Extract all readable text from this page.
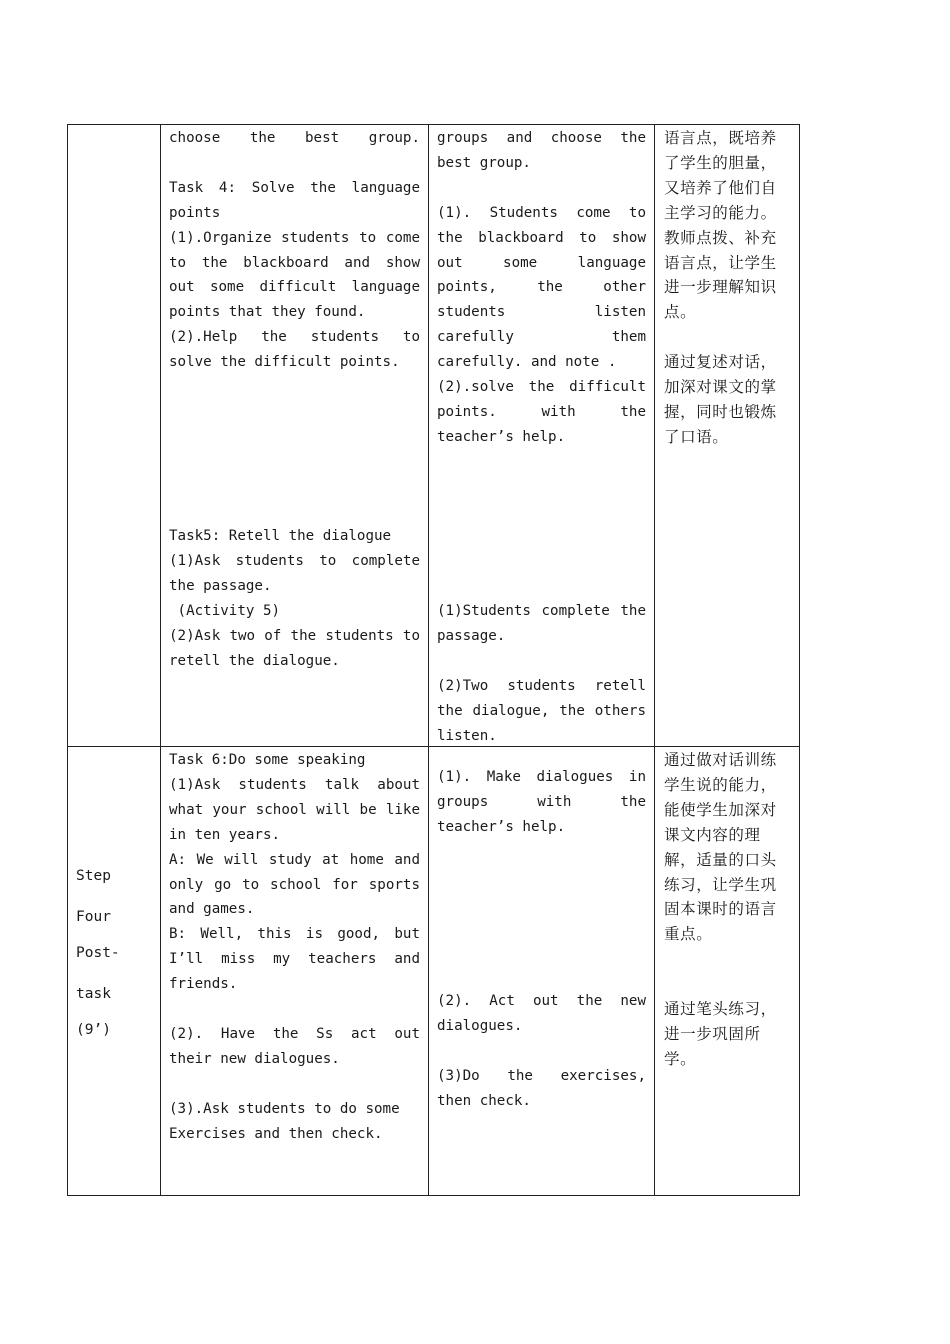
choose the best group.

Task 4: Solve the language

points

(1).Organize students to come

to the blackboard and show

out some difficult language

points that they found.

(2).Help the students to

solve the difficult points.

Task5: Retell the dialogue

(1)Ask students to complete

the passage.

(Activity 5)

(2)Ask two of the students to

retell the dialogue.

groups and choose the

best group.

(1). Students come to

the blackboard to show

out some language

points, the other

students listen

carefully them

carefully. and note .

(2).solve the difficult

points. with the

teacher’s help.

(1)Students complete the

passage.

(2)Two students retell

the dialogue, the others

listen.

语言点，既培养

了学生的胆量，

又培养了他们自

主学习的能力。

教师点拨、补充

语言点，让学生

进一步理解知识

点。

通过复述对话，

加深对课文的掌

握，同时也锻炼

了口语。

Step

Four

Post-

task

(9’)

Task 6:Do some speaking

(1)Ask students talk about

what your school will be like

in ten years.

A: We will study at home and

only go to school for sports

and games.

B: Well, this is good, but

I’ll miss my teachers and

friends.

(2). Have the Ss act out

their new dialogues.

(3).Ask students to do some

Exercises and then check.

(1). Make dialogues in

groups with the

teacher’s help.

(2). Act out the new

dialogues.

(3)Do the exercises,

then check.

通过做对话训练

学生说的能力，

能使学生加深对

课文内容的理

解，适量的口头

练习，让学生巩

固本课时的语言

重点。

通过笔头练习，

进一步巩固所

学。
